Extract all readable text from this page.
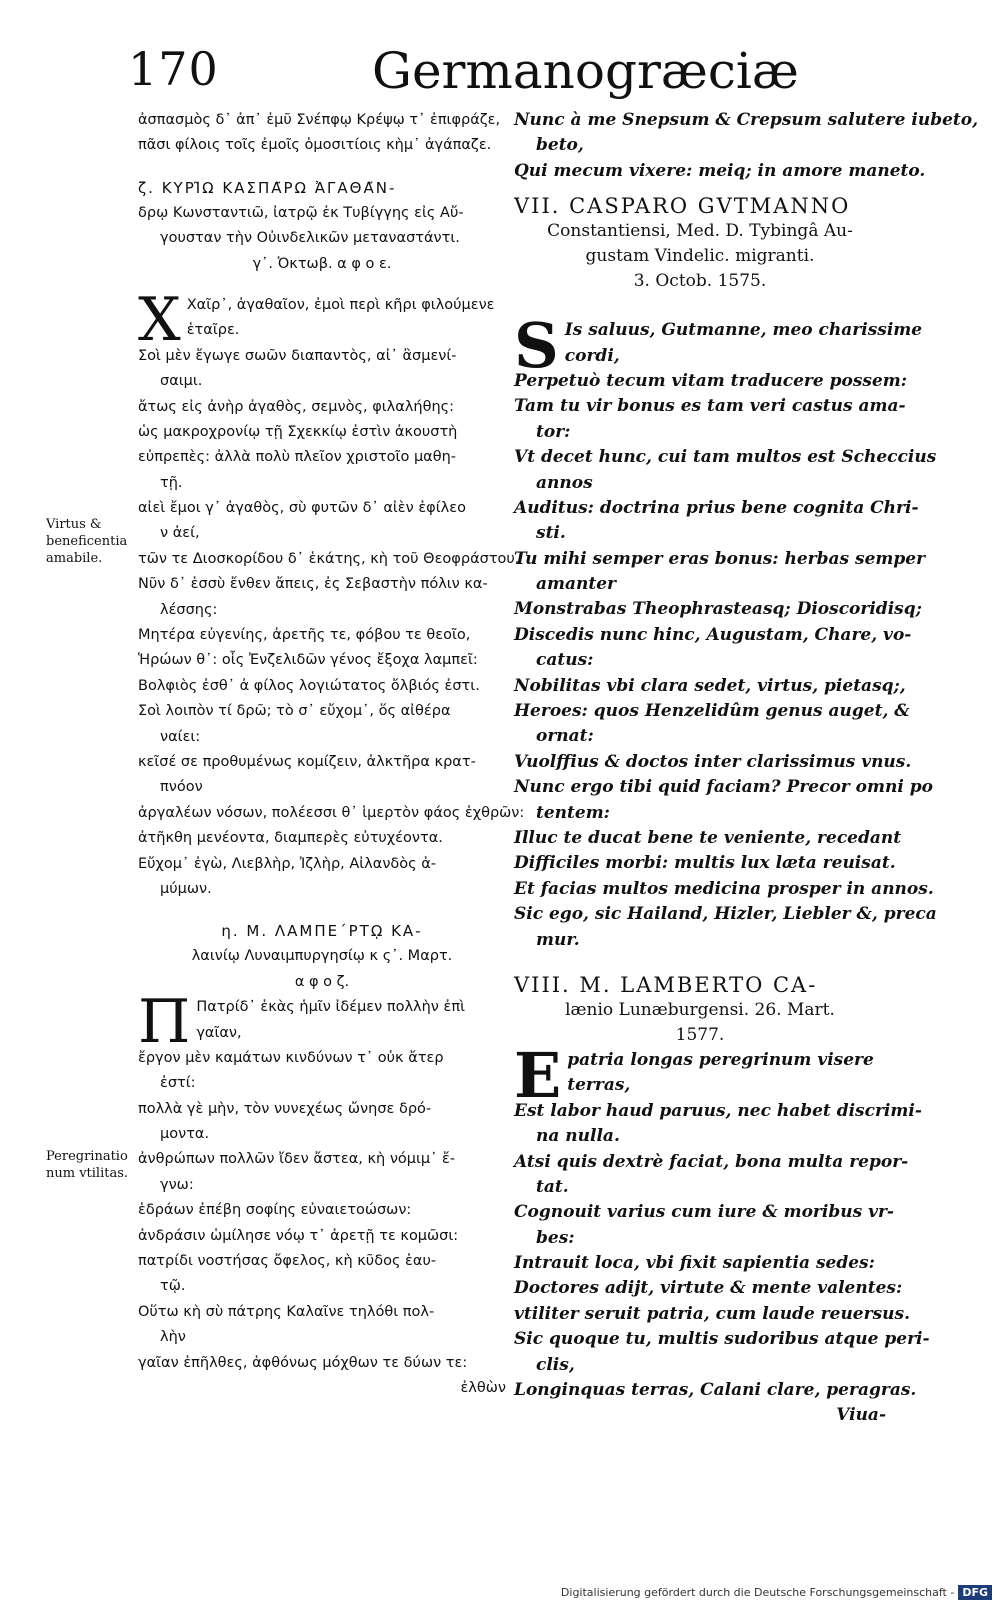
170	Germanogræciæ
Virtus & beneficentia amabile.
Peregrinatio num vtilitas.
ἀσπασμὸς δ᾽ ἀπ᾽ ἐμῦ Σνέπφῳ Κρέψῳ τ᾽ ἐπιφράζε,
πᾶσι φίλοις τοῖς ἐμοῖς ὁμοσιτίοις κὴμ᾽ ἀγάπαζε.
ζ. ΚΥΡΙ͂Ω ΚΑΣΠΑ͂ΡΩ ἈΓΑΘΑ͂Ν-
δρῳ Κωνσταντιῶ, ἰατρῷ ἐκ Τυβίγγης εἰς Αὔ-
γουσταν τὴν Οὐινδελικῶν μεταναστάντι.
γ᾽. Ὀκτωβ. α φ ο ε.
Χ Χαῖρ᾽, ἀγαθαῖον, ἐμοὶ περὶ κῆρι φιλούμενε
ἑταῖρε.
Σοὶ μὲν ἔγωγε σωῶν διαπαντὸς, αἰ᾽ ἂσμενί-
σαιμι.
ἄτως εἰς ἀνὴρ ἀγαθὸς, σεμνὸς, φιλαλήθης:
ὡς μακροχρονίῳ τῇ Σχεκκίῳ ἐστὶν ἀκουστὴ
εὐπρεπὲς: ἀλλὰ πολὺ πλεῖον χριστοῖο μαθη-
τῇ.
αἰεὶ ἔμοι γ᾽ ἀγαθὸς, σὺ φυτῶν δ᾽ αἰὲν ἐφίλεο
ν ἀεί,
τῶν τε Διοσκορίδου δ᾽ ἑκάτης, κὴ τοῦ Θεοφράστου.
Νῦν δ᾽ ἑσσὺ ἔνθεν ἄπεις, ἐς Σεβαστὴν πόλιν κα-
λέσσης:
Μητέρα εὐγενίης, ἀρετῆς τε, φόβου τε θεοῖο,
Ἡρώων θ᾽: οἷς Ἐνζελιδῶν γένος ἔξοχα λαμπεῖ:
Βολφιὸς ἐσθ᾽ ἀ φίλος λογιώτατος ὄλβιός ἐστι.
Σοὶ λοιπὸν τί δρῶ; τὸ σ᾽ εὔχομ᾽, ὅς αἰθέρα
ναίει:
κεῖσέ σε προθυμένως κομίζειν, ἀλκτῆρα κρατ-
πνόον
ἀργαλέων νόσων, πολέεσσι θ᾽ ἱμερτὸν φάος ἐχθρῶν:
ἀτῆκθη μενέοντα, διαμπερὲς εὐτυχέοντα.
Εὔχομ᾽ ἐγὼ, Λιεβλὴρ, Ἰζλὴρ, Αἰλανδὸς ἀ-
μύμων.
η. Μ. ΛΑΜΠΕ΄ΡΤῼ ΚΑ-
λαινίῳ Λυναιμπυργησίῳ κ ς᾽. Μαρτ.
α φ ο ζ.
Π Πατρίδ᾽ ἐκὰς ἡμῖν ἰδέμεν πολλὴν ἐπὶ
γαῖαν,
ἔργον μὲν καμάτων κινδύνων τ᾽ οὐκ ἄτερ
ἐστί:
πολλὰ γὲ μὴν, τὸν νυνεχέως ὤνησε δρό-
μοντα.
ἀνθρώπων πολλῶν ἴδεν ἄστεα, κὴ νόμιμ᾽ ἔ-
γνω:
ἑδράων ἐπέβη σοφίης εὐναιετοώσων:
ἀνδράσιν ὡμίλησε νόῳ τ᾽ ἀρετῇ τε κομῶσι:
πατρίδι νοστήσας ὄφελος, κὴ κῦδος ἑαυ-
τῷ.
Οὕτω κὴ σὺ πάτρης Καλαῖνε τηλόθι πολ-
λὴν
γαῖαν ἐπῆλθες, ἀφθόνως μόχθων τε δύων τε:
ἐλθὼν
Nunc à me Snepsum & Crepsum salutere iubeto,
beto,
Qui mecum vixere: meiq; in amore maneto.
VII. CASPARO GVTMANNO
Constantiensi, Med. D. Tybingâ Au-
gustam Vindelic. migranti.
3. Octob. 1575.
S Is saluus, Gutmanne, meo charissime
cordi,
Perpetuò tecum vitam traducere possem:
Tam tu vir bonus es tam veri castus ama-
tor:
Vt decet hunc, cui tam multos est Scheccius
annos
Auditus: doctrina prius bene cognita Chri-
sti.
Tu mihi semper eras bonus: herbas semper
amanter
Monstrabas Theophrasteasq; Dioscoridisq;
Discedis nunc hinc, Augustam, Chare, vo-
catus:
Nobilitas vbi clara sedet, virtus, pietasq;,
Heroes: quos Henzelidûm genus auget, &
ornat:
Vuolffius & doctos inter clarissimus vnus.
Nunc ergo tibi quid faciam? Precor omni po
tentem:
Illuc te ducat bene te veniente, recedant
Difficiles morbi: multis lux læta reuisat.
Et facias multos medicina prosper in annos.
Sic ego, sic Hailand, Hizler, Liebler &, preca
mur.
VIII. M. LAMBERTO CA-
lænio Lunæburgensi. 26. Mart.
1577.
Epatria longas peregrinum visere
terras,
Est labor haud paruus, nec habet discrimi-
na nulla.
Atsi quis dextrè faciat, bona multa repor-
tat.
Cognouit varius cum iure & moribus vr-
bes:
Intrauit loca, vbi fixit sapientia sedes:
Doctores adijt, virtute & mente valentes:
vtiliter seruit patria, cum laude reuersus.
Sic quoque tu, multis sudoribus atque peri-
clis,
Longinquas terras, Calani clare, peragras.
Viua-
Digitalisierung gefördert durch die Deutsche Forschungsgemeinschaft - DFG
